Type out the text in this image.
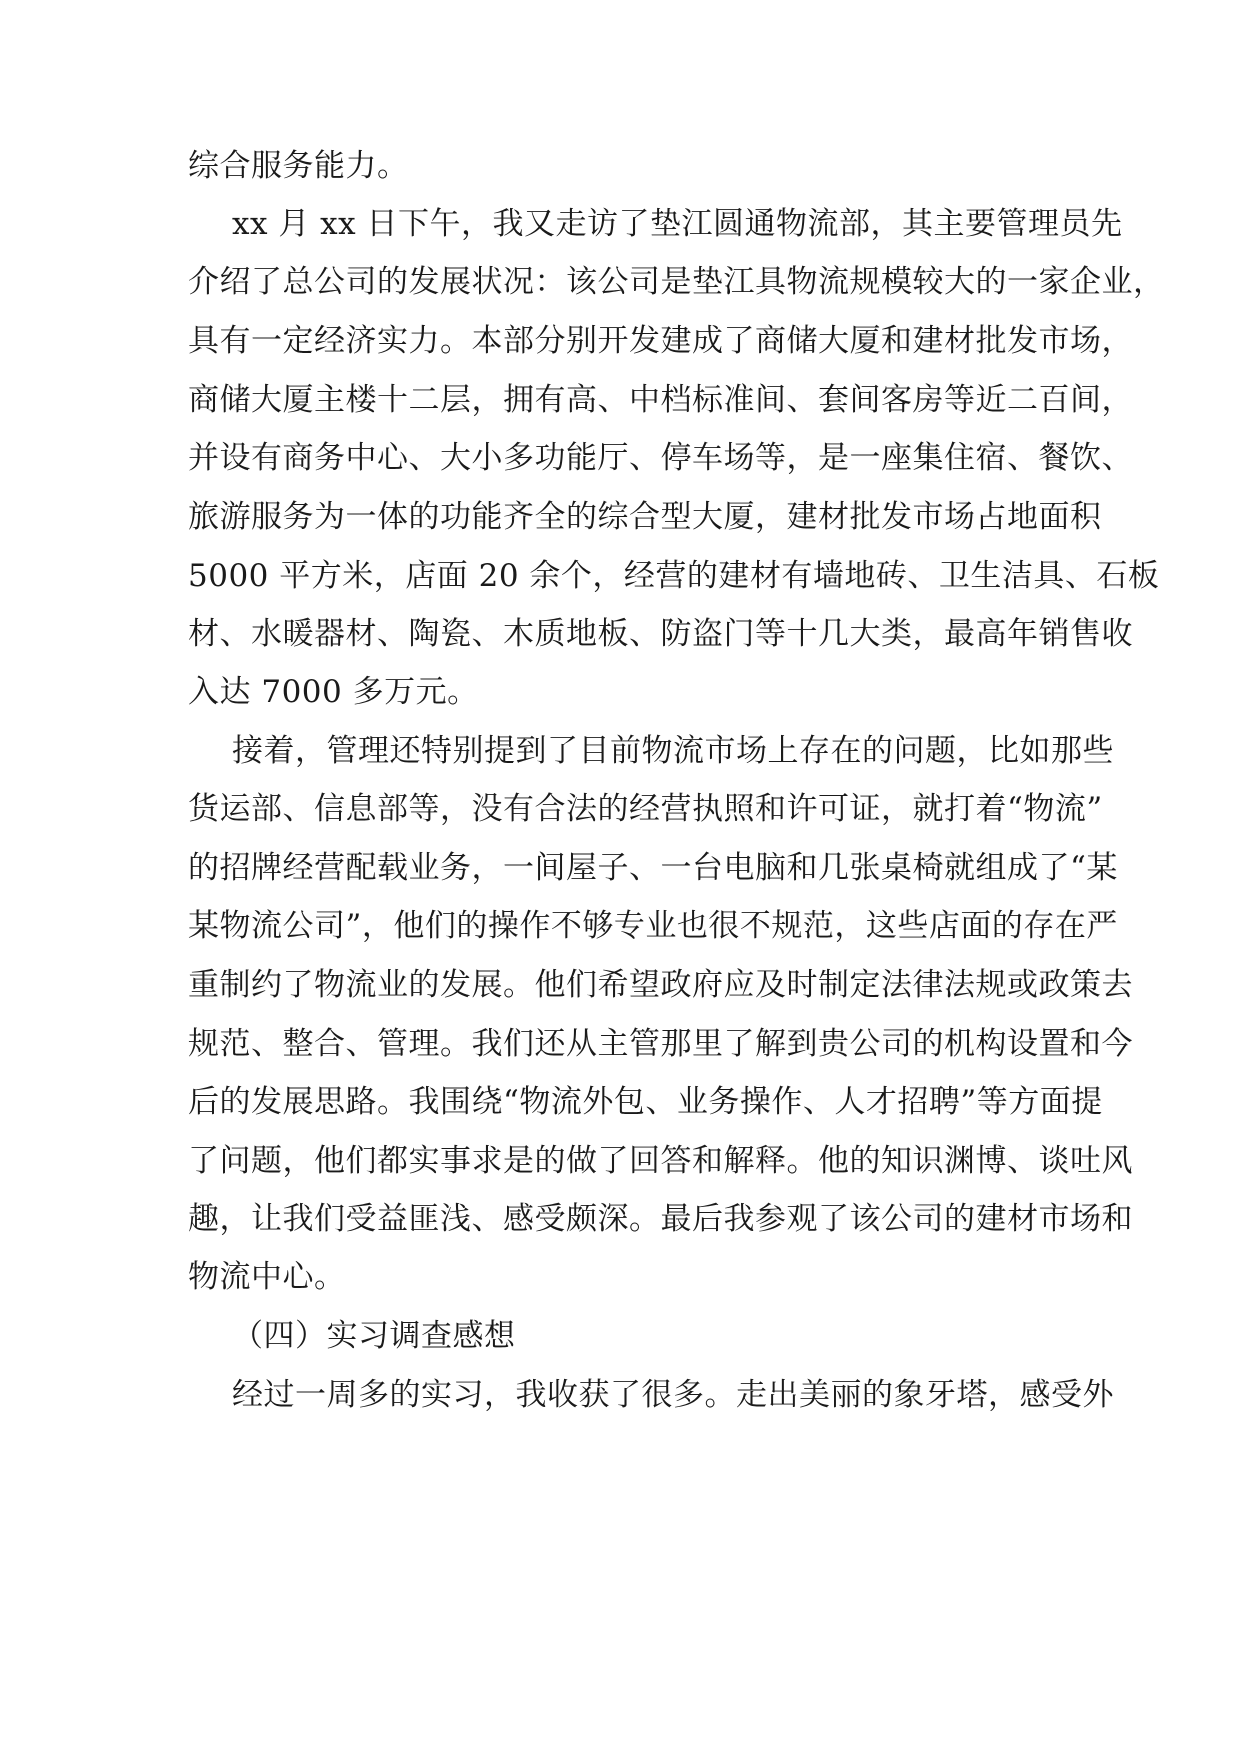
综合服务能力。
xx 月 xx 日下午，我又走访了垫江圆通物流部，其主要管理员先
介绍了总公司的发展状况：该公司是垫江具物流规模较大的一家企业，
具有一定经济实力。本部分别开发建成了商储大厦和建材批发市场，
商储大厦主楼十二层，拥有高、中档标准间、套间客房等近二百间，
并设有商务中心、大小多功能厅、停车场等，是一座集住宿、餐饮、
旅游服务为一体的功能齐全的综合型大厦，建材批发市场占地面积
5000 平方米，店面 20 余个，经营的建材有墙地砖、卫生洁具、石板
材、水暖器材、陶瓷、木质地板、防盗门等十几大类，最高年销售收
入达 7000 多万元。
接着，管理还特别提到了目前物流市场上存在的问题，比如那些
货运部、信息部等，没有合法的经营执照和许可证，就打着“物流”
的招牌经营配载业务，一间屋子、一台电脑和几张桌椅就组成了“某
某物流公司”，他们的操作不够专业也很不规范，这些店面的存在严
重制约了物流业的发展。他们希望政府应及时制定法律法规或政策去
规范、整合、管理。我们还从主管那里了解到贵公司的机构设置和今
后的发展思路。我围绕“物流外包、业务操作、人才招聘”等方面提
了问题，他们都实事求是的做了回答和解释。他的知识渊博、谈吐风
趣，让我们受益匪浅、感受颇深。最后我参观了该公司的建材市场和
物流中心。
（四）实习调查感想
经过一周多的实习，我收获了很多。走出美丽的象牙塔，感受外
